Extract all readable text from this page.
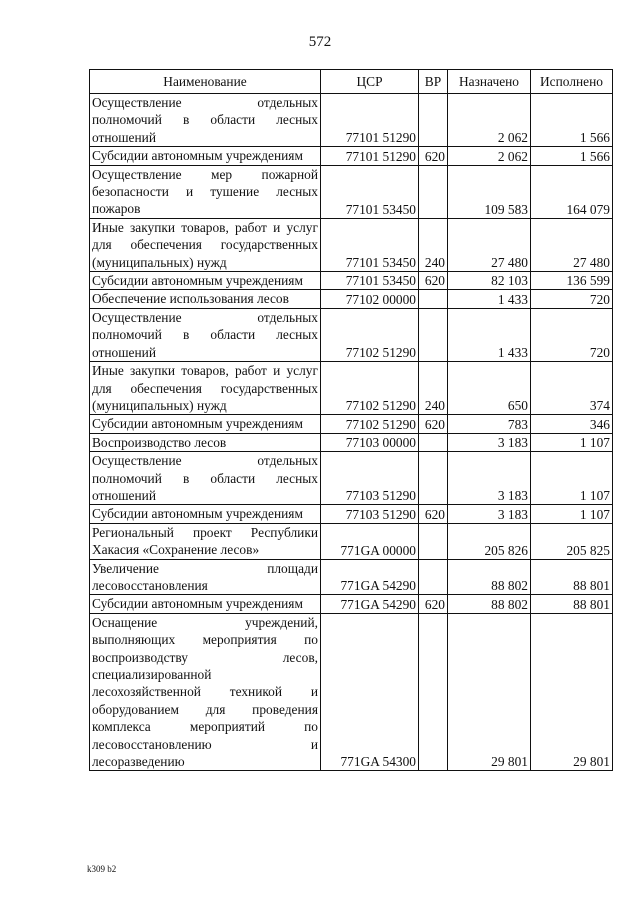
572
Наименование	ЦСР	ВР	Назначено	Исполнено
Осуществление отдельных полномочий в области лесных отношений	77101 51290		2 062	1 566
Субсидии автономным учреждениям	77101 51290	620	2 062	1 566
Осуществление мер пожарной безопасности и тушение лесных пожаров	77101 53450		109 583	164 079
Иные закупки товаров, работ и услуг для обеспечения государственных (муниципальных) нужд	77101 53450	240	27 480	27 480
Субсидии автономным учреждениям	77101 53450	620	82 103	136 599
Обеспечение использования лесов	77102 00000		1 433	720
Осуществление отдельных полномочий в области лесных отношений	77102 51290		1 433	720
Иные закупки товаров, работ и услуг для обеспечения государственных (муниципальных) нужд	77102 51290	240	650	374
Субсидии автономным учреждениям	77102 51290	620	783	346
Воспроизводство лесов	77103 00000		3 183	1 107
Осуществление отдельных полномочий в области лесных отношений	77103 51290		3 183	1 107
Субсидии автономным учреждениям	77103 51290	620	3 183	1 107
Региональный проект Республики Хакасия «Сохранение лесов»	771GA 00000		205 826	205 825
Увеличение площади лесовосстановления	771GA 54290		88 802	88 801
Субсидии автономным учреждениям	771GA 54290	620	88 802	88 801
Оснащение учреждений, выполняющих мероприятия по воспроизводству лесов, специализированной лесохозяйственной техникой и оборудованием для проведения комплекса мероприятий по лесовосстановлению и лесоразведению	771GA 54300		29 801	29 801
k309 b2
